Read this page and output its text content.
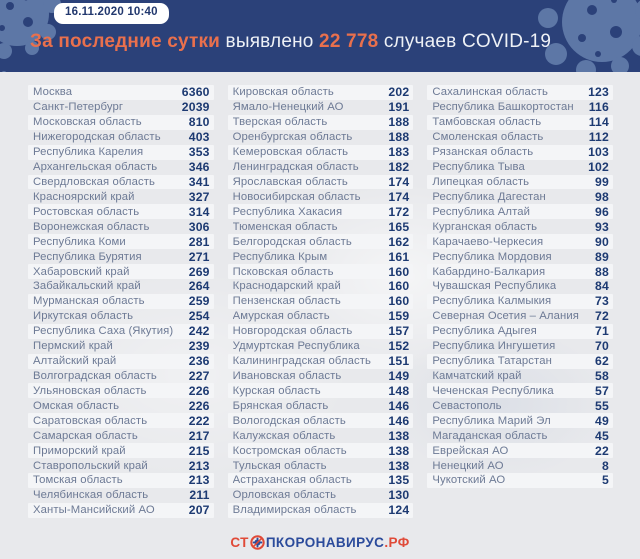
16.11.2020 10:40
За последние сутки выявлено 22 778 случаев COVID-19
Москва	6360
Санкт-Петербург	2039
Московская область	810
Нижегородская область	403
Республика Карелия	353
Архангельская область	346
Свердловская область	341
Красноярский край	327
Ростовская область	314
Воронежская область	306
Республика Коми	281
Республика Бурятия	271
Хабаровский край	269
Забайкальский край	264
Мурманская область	259
Иркутская область	254
Республика Саха (Якутия)	242
Пермский край	239
Алтайский край	236
Волгоградская область	227
Ульяновская область	226
Омская область	226
Саратовская область	222
Самарская область	217
Приморский край	215
Ставропольский край	213
Томская область	213
Челябинская область	211
Ханты-Мансийский АО	207
Кировская область	202
Ямало-Ненецкий АО	191
Тверская область	188
Оренбургская область	188
Кемеровская область	183
Ленинградская область	182
Ярославская область	174
Новосибирская область	174
Республика Хакасия	172
Тюменская область	165
Белгородская область	162
Республика Крым	161
Псковская область	160
Краснодарский край	160
Пензенская область	160
Амурская область	159
Новгородская область	157
Удмуртская Республика	152
Калининградская область	151
Ивановская область	149
Курская область	148
Брянская область	146
Вологодская область	146
Калужская область	138
Костромская область	138
Тульская область	138
Астраханская область	135
Орловская область	130
Владимирская область	124
Сахалинская область	123
Республика Башкортостан	116
Тамбовская область	114
Смоленская область	112
Рязанская область	103
Республика Тыва	102
Липецкая область	99
Республика Дагестан	98
Республика Алтай	96
Курганская область	93
Карачаево-Черкесия	90
Республика Мордовия	89
Кабардино-Балкария	88
Чувашская Республика	84
Республика Калмыкия	73
Северная Осетия – Алания	72
Республика Адыгея	71
Республика Ингушетия	70
Республика Татарстан	62
Камчатский край	58
Чеченская Республика	57
Севастополь	55
Республика Марий Эл	49
Магаданская область	45
Еврейская АО	22
Ненецкий АО	8
Чукотский АО	5
СТ ПКОРОНАВИРУС .РФ
